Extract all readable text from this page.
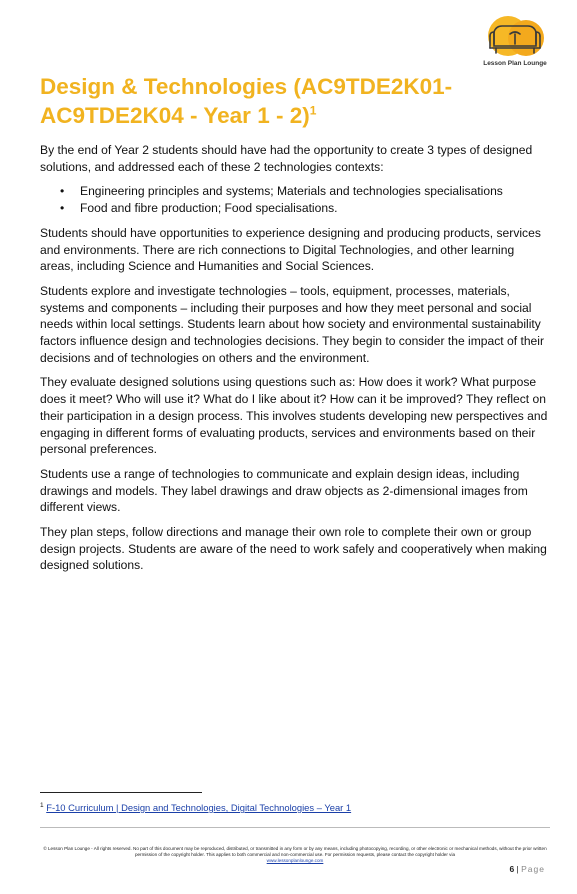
Lesson Plan Lounge
Design & Technologies (AC9TDE2K01-
AC9TDE2K04 - Year 1 - 2)$^1$

By the end of Year 2 students should have had the opportunity to create 3 types of designed solutions, and addressed each of these 2 technologies contexts:

• Engineering principles and systems; Materials and technologies specialisations
• Food and fibre production; Food specialisations.

Students should have opportunities to experience designing and producing products, services and environments. There are rich connections to Digital Technologies, and other learning areas, including Science and Humanities and Social Sciences.

Students explore and investigate technologies – tools, equipment, processes, materials, systems and components – including their purposes and how they meet personal and social needs within local settings. Students learn about how society and environmental sustainability factors influence design and technologies decisions. They begin to consider the impact of their decisions and of technologies on others and the environment.

They evaluate designed solutions using questions such as: How does it work? What purpose does it meet? Who will use it? What do I like about it? How can it be improved? They reflect on their participation in a design process. This involves students developing new perspectives and engaging in different forms of evaluating products, services and environments based on their personal preferences.

Students use a range of technologies to communicate and explain design ideas, including drawings and models. They label drawings and draw objects as 2-dimensional images from different views.

They plan steps, follow directions and manage their own role to complete their own or group design projects. Students are aware of the need to work safely and cooperatively when making designed solutions.

$^1$ F-10 Curriculum | Design and Technologies, Digital Technologies – Year 1
© Lesson Plan Lounge - All rights reserved. No part of this document may be reproduced, distributed, or transmitted in any form or by any means, including photocopying, recording, or other electronic or mechanical methods, without the prior written permission of the copyright holder. This applies to both commercial and non-commercial use. For permission requests, please contact the copyright holder via
www.lessonplanlounge.com
6 | Page
